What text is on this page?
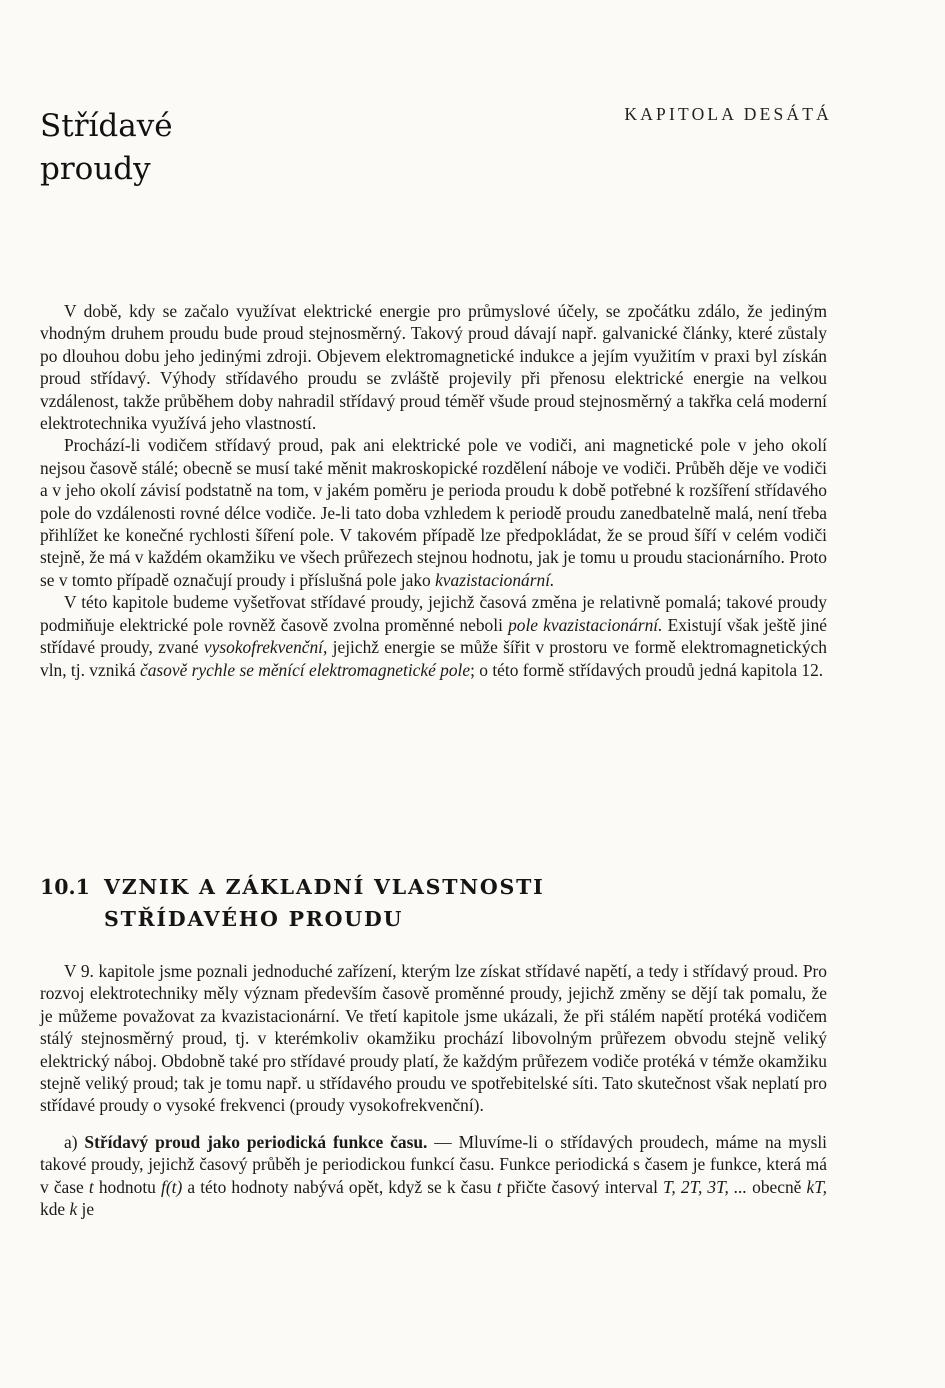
Střídavé
proudy
KAPITOLA DESÁTÁ

V době, kdy se začalo využívat elektrické energie pro průmyslové účely, se zpočátku zdálo, že jediným vhodným druhem proudu bude proud stejnosměrný. Takový proud dávají např. galvanické články, které zůstaly po dlouhou dobu jeho jedinými zdroji. Objevem elektromagnetické indukce a jejím využitím v praxi byl získán proud střídavý. Výhody střídavého proudu se zvláště projevily při přenosu elektrické energie na velkou vzdálenost, takže průběhem doby nahradil střídavý proud téměř všude proud stejnosměrný a takřka celá moderní elektrotechnika využívá jeho vlastností.

Prochází-li vodičem střídavý proud, pak ani elektrické pole ve vodiči, ani magnetické pole v jeho okolí nejsou časově stálé; obecně se musí také měnit makroskopické rozdělení náboje ve vodiči. Průběh děje ve vodiči a v jeho okolí závisí podstatně na tom, v jakém poměru je perioda proudu k době potřebné k rozšíření střídavého pole do vzdálenosti rovné délce vodiče. Je-li tato doba vzhledem k periodě proudu zanedbatelně malá, není třeba přihlížet ke konečné rychlosti šíření pole. V takovém případě lze předpokládat, že se proud šíří v celém vodiči stejně, že má v každém okamžiku ve všech průřezech stejnou hodnotu, jak je tomu u proudu stacionárního. Proto se v tomto případě označují proudy i příslušná pole jako kvazistacionární.

V této kapitole budeme vyšetřovat střídavé proudy, jejichž časová změna je relativně pomalá; takové proudy podmiňuje elektrické pole rovněž časově zvolna proměnné neboli pole kvazistacionární. Existují však ještě jiné střídavé proudy, zvané vysokofrekvenční, jejichž energie se může šířit v prostoru ve formě elektromagnetických vln, tj. vzniká časově rychle se měnící elektromagnetické pole; o této formě střídavých proudů jedná kapitola 12.

10.1 VZNIK A ZÁKLADNÍ VLASTNOSTI
STŘÍDAVÉHO PROUDU

V 9. kapitole jsme poznali jednoduché zařízení, kterým lze získat střídavé napětí, a tedy i střídavý proud. Pro rozvoj elektrotechniky měly význam především časově proměnné proudy, jejichž změny se dějí tak pomalu, že je můžeme považovat za kvazistacionární. Ve třetí kapitole jsme ukázali, že při stálém napětí protéká vodičem stálý stejnosměrný proud, tj. v kterémkoliv okamžiku prochází libovolným průřezem obvodu stejně veliký elektrický náboj. Obdobně také pro střídavé proudy platí, že každým průřezem vodiče protéká v témže okamžiku stejně veliký proud; tak je tomu např. u střídavého proudu ve spotřebitelské síti. Tato skutečnost však neplatí pro střídavé proudy o vysoké frekvenci (proudy vysokofrekvenční).

a) Střídavý proud jako periodická funkce času. — Mluvíme-li o střídavých proudech, máme na mysli takové proudy, jejichž časový průběh je periodickou funkcí času. Funkce periodická s časem je funkce, která má v čase t hodnotu f(t) a této hodnoty nabývá opět, když se k času t přičte časový interval T, 2T, 3T, ... obecně kT, kde k je
